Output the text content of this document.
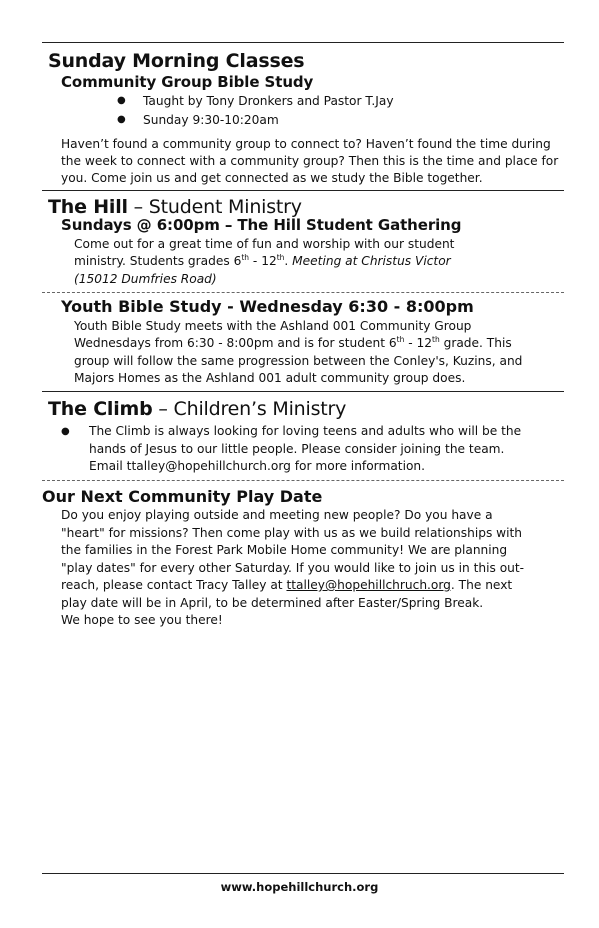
Sunday Morning Classes
Community Group Bible Study
● Taught by Tony Dronkers and Pastor T.Jay
● Sunday 9:30-10:20am
Haven’t found a community group to connect to? Haven’t found the time during
the week to connect with a community group? Then this is the time and place for
you. Come join us and get connected as we study the Bible together.
The Hill – Student Ministry
Sundays @ 6:00pm – The Hill Student Gathering
Come out for a great time of fun and worship with our student
ministry. Students grades 6th - 12th. Meeting at Christus Victor
(15012 Dumfries Road)
Youth Bible Study - Wednesday 6:30 - 8:00pm
Youth Bible Study meets with the Ashland 001 Community Group
Wednesdays from 6:30 - 8:00pm and is for student 6th - 12th grade. This
group will follow the same progression between the Conley's, Kuzins, and
Majors Homes as the Ashland 001 adult community group does.
The Climb – Children’s Ministry
● The Climb is always looking for loving teens and adults who will be the
hands of Jesus to our little people. Please consider joining the team.
Email ttalley@hopehillchurch.org for more information.
Our Next Community Play Date
Do you enjoy playing outside and meeting new people? Do you have a
"heart" for missions? Then come play with us as we build relationships with
the families in the Forest Park Mobile Home community! We are planning
"play dates" for every other Saturday. If you would like to join us in this out-
reach, please contact Tracy Talley at ttalley@hopehillchruch.org. The next
play date will be in April, to be determined after Easter/Spring Break.
We hope to see you there!
www.hopehillchurch.org
